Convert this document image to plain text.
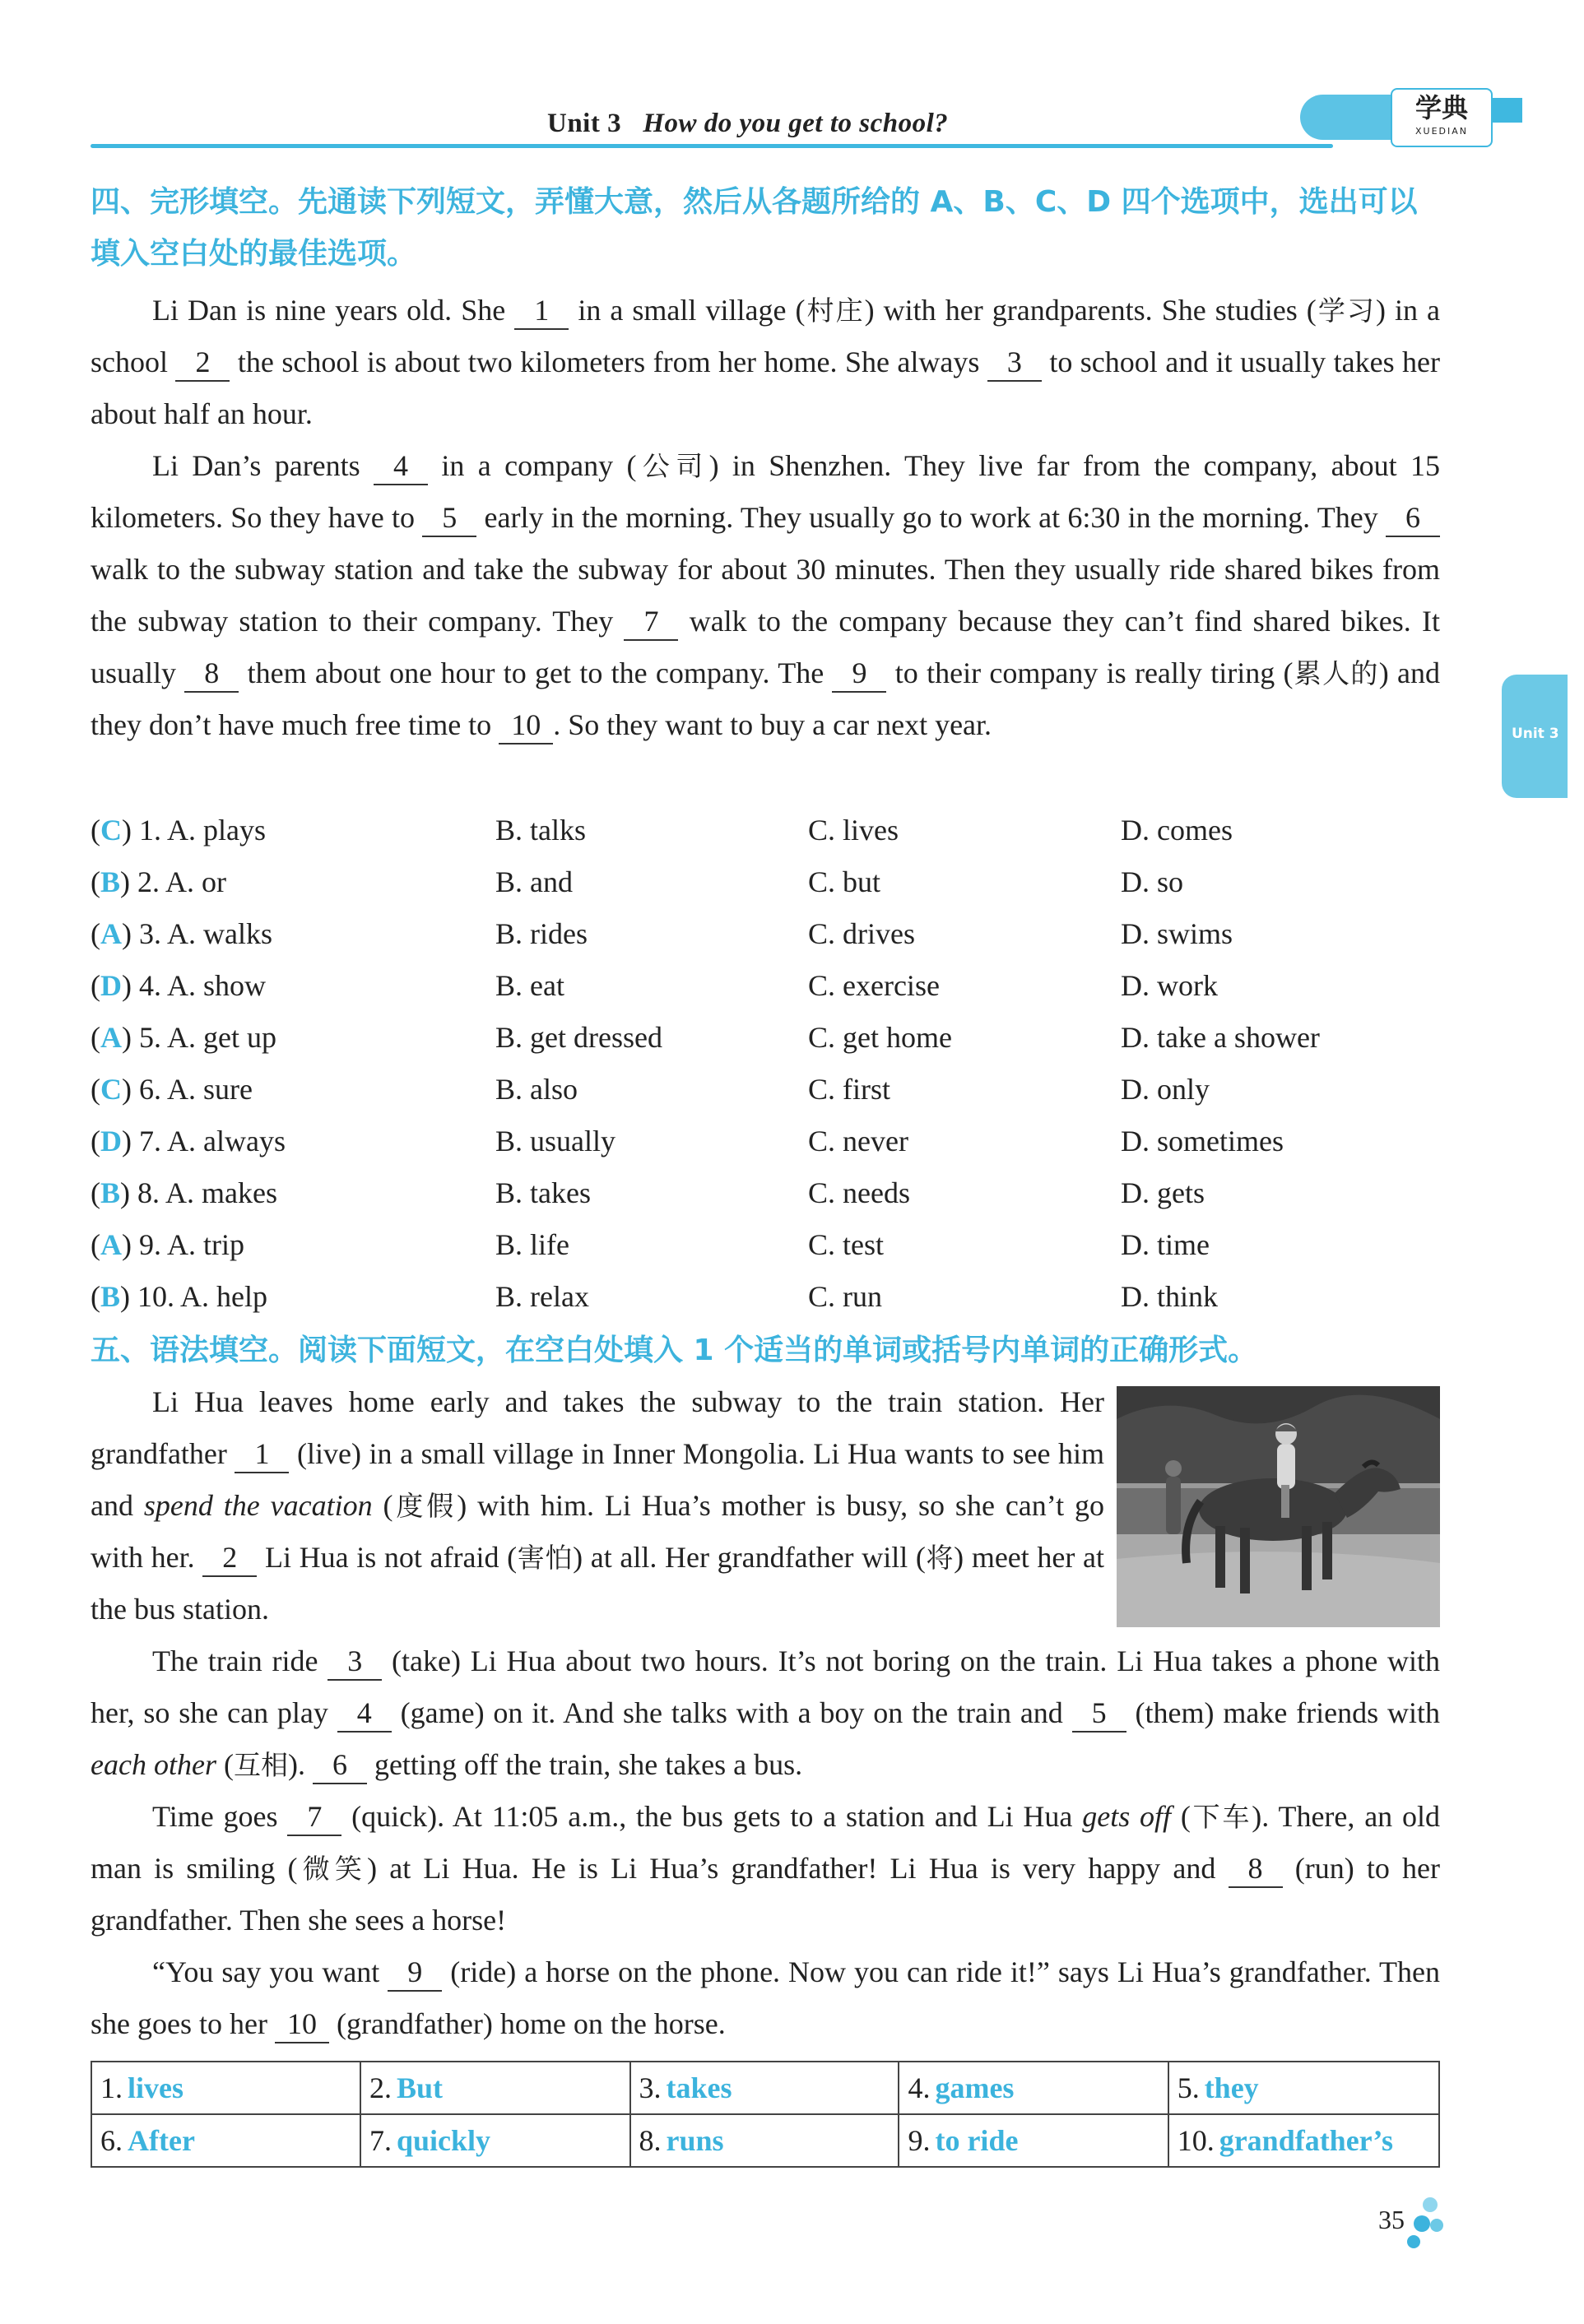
Unit 3 How do you get to school?	学典
XUEDIAN
Unit 3
四、完形填空。先通读下列短文，弄懂大意，然后从各题所给的 A、B、C、D 四个选项中，选出可以
填入空白处的最佳选项。
Li Dan is nine years old. She 1 in a small village (村庄) with her grandparents. She studies (学习) in a school 2 the school is about two kilometers from her home. She always 3 to school and it usually takes her about half an hour.
Li Dan’s parents 4 in a company (公司) in Shenzhen. They live far from the company, about 15 kilometers. So they have to 5 early in the morning. They usually go to work at 6:30 in the morning. They 6 walk to the subway station and take the subway for about 30 minutes. Then they usually ride shared bikes from the subway station to their company. They 7 walk to the company because they can’t find shared bikes. It usually 8 them about one hour to get to the company. The 9 to their company is really tiring (累人的) and they don’t have much free time to 10 . So they want to buy a car next year.
(C) 1. A. plays	B. talks	C. lives	D. comes
(B) 2. A. or	B. and	C. but	D. so
(A) 3. A. walks	B. rides	C. drives	D. swims
(D) 4. A. show	B. eat	C. exercise	D. work
(A) 5. A. get up	B. get dressed	C. get home	D. take a shower
(C) 6. A. sure	B. also	C. first	D. only
(D) 7. A. always	B. usually	C. never	D. sometimes
(B) 8. A. makes	B. takes	C. needs	D. gets
(A) 9. A. trip	B. life	C. test	D. time
(B) 10. A. help	B. relax	C. run	D. think
五、语法填空。阅读下面短文，在空白处填入 1 个适当的单词或括号内单词的正确形式。
Li Hua leaves home early and takes the subway to the train station. Her grandfather 1 (live) in a small village in Inner Mongolia. Li Hua wants to see him and spend the vacation (度假) with him. Li Hua’s mother is busy, so she can’t go with her. 2 Li Hua is not afraid (害怕) at all. Her grandfather will (将) meet her at the bus station.
The train ride 3 (take) Li Hua about two hours. It’s not boring on the train. Li Hua takes a phone with her, so she can play 4 (game) on it. And she talks with a boy on the train and 5 (them) make friends with each other (互相). 6 getting off the train, she takes a bus.
Time goes 7 (quick). At 11:05 a.m., the bus gets to a station and Li Hua gets off (下车). There, an old man is smiling (微笑) at Li Hua. He is Li Hua’s grandfather! Li Hua is very happy and 8 (run) to her grandfather. Then she sees a horse!
“You say you want 9 (ride) a horse on the phone. Now you can ride it!” says Li Hua’s grandfather. Then she goes to her 10 (grandfather) home on the horse.
1. lives	2. But	3. takes	4. games	5. they
6. After	7. quickly	8. runs	9. to ride	10. grandfather’s
35
